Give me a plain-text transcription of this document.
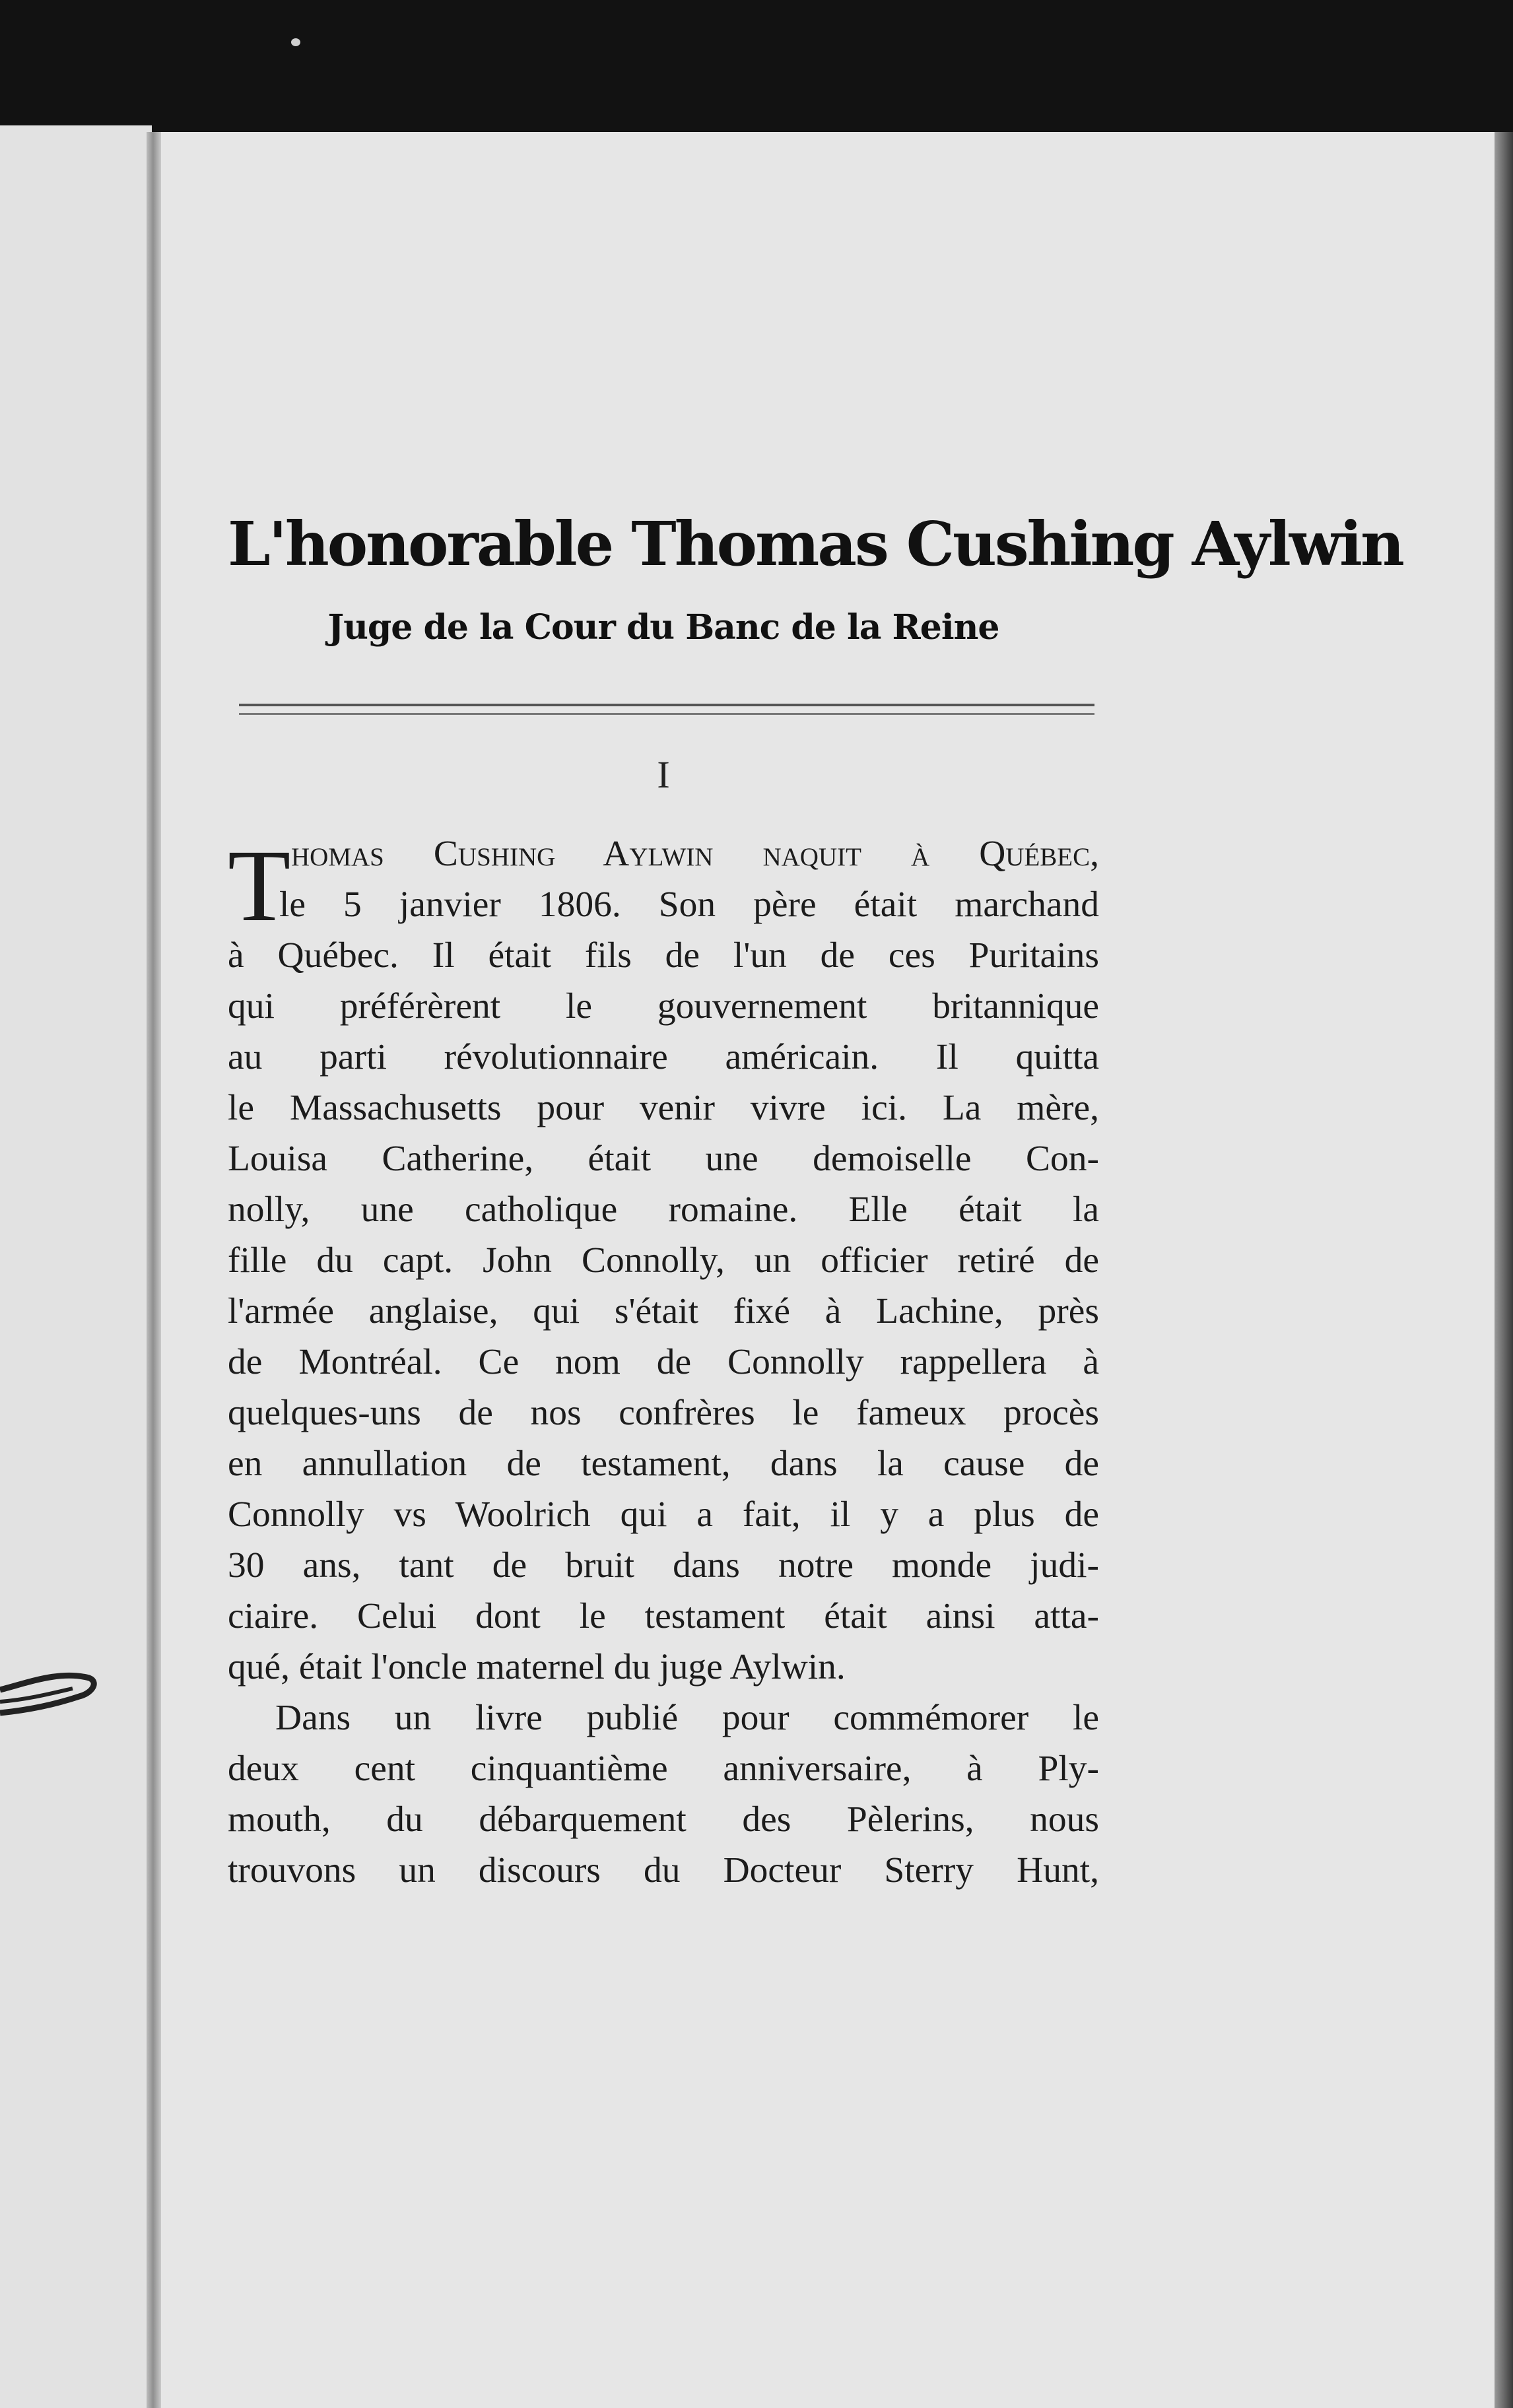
L'honorable Thomas Cushing Aylwin
Juge de la Cour du Banc de la Reine
I
T homas Cushing Aylwin naquit à Québec,
le 5 janvier 1806. Son père était marchand
à Québec. Il était fils de l'un de ces Puritains
qui préférèrent le gouvernement britannique
au parti révolutionnaire américain. Il quitta
le Massachusetts pour venir vivre ici. La mère,
Louisa Catherine, était une demoiselle Con-
nolly, une catholique romaine. Elle était la
fille du capt. John Connolly, un officier retiré de
l'armée anglaise, qui s'était fixé à Lachine, près
de Montréal. Ce nom de Connolly rappellera à
quelques-uns de nos confrères le fameux procès
en annullation de testament, dans la cause de
Connolly vs Woolrich qui a fait, il y a plus de
30 ans, tant de bruit dans notre monde judi-
ciaire. Celui dont le testament était ainsi atta-
qué, était l'oncle maternel du juge Aylwin.
Dans un livre publié pour commémorer le
deux cent cinquantième anniversaire, à Ply-
mouth, du débarquement des Pèlerins, nous
trouvons un discours du Docteur Sterry Hunt,
